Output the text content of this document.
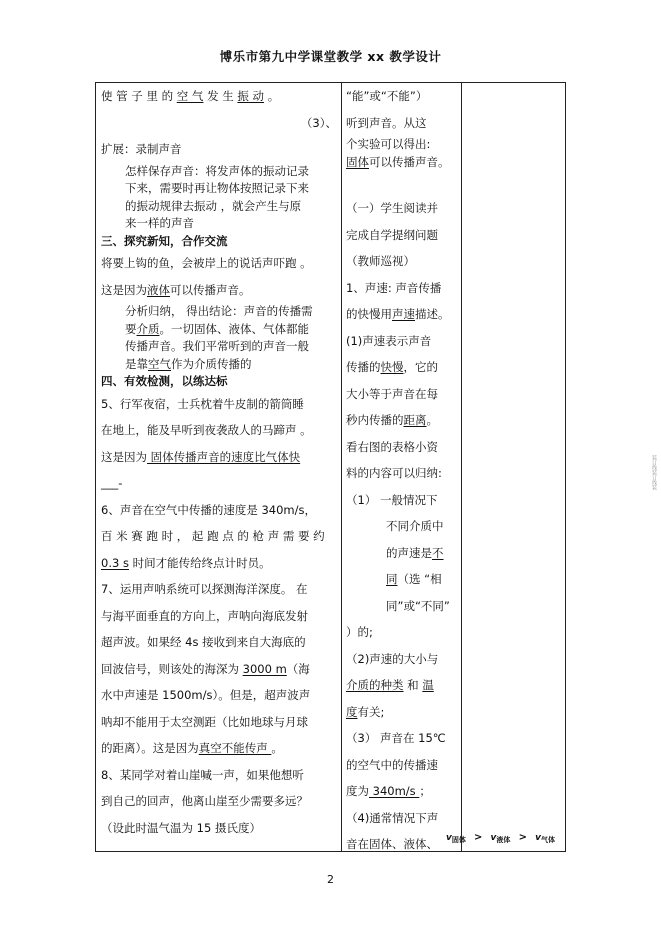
博乐市第九中学课堂教学 xx 教学设计
使 管 子 里 的 空 气 发 生 振 动 。
（3）、
扩展：录制声音
怎样保存声音：将发声体的振动记录
下来，需要时再让物体按照记录下来
的振动规律去振动 ，就会产生与原
来一样的声音
三、探究新知，合作交流
将要上钩的鱼，会被岸上的说话声吓跑 。
这是因为液体可以传播声音。
分析归纳， 得出结论：声音的传播需
要介质。一切固体、液体、气体都能
传播声音。我们平常听到的声音一般
是靠空气作为介质传播的
四、有效检测，以练达标
5、行军夜宿，士兵枕着牛皮制的箭筒睡
在地上，能及早听到夜袭敌人的马蹄声 。
这是因为 固体传播声音的速度比气体快
___-
6、声音在空气中传播的速度是 340m/s，
百 米 赛 跑 时 ， 起 跑 点 的 枪 声 需 要 约
0.3 s 时间才能传给终点计时员。
7、运用声呐系统可以探测海洋深度。 在
与海平面垂直的方向上，声呐向海底发射
超声波。如果经 4s 接收到来自大海底的
回波信号，则该处的海深为 3000 m（海
水中声速是 1500m/s）。但是，超声波声
呐却不能用于太空测距（比如地球与月球
的距离）。这是因为真空不能传声 。
8、某同学对着山崖喊一声，如果他想听
到自己的回声，他离山崖至少需要多远？
（设此时温气温为 15 摄氏度）
“能”或“不能”）
听到声音。从这
个实验可以得出:
固体可以传播声音。
（一）学生阅读并
完成自学提纲问题
（教师巡视）
1、声速: 声音传播
的快慢用声速描述。
(1)声速表示声音
传播的快慢，它的
大小等于声音在每
秒内传播的距离。
看右图的表格小资
料的内容可以归纳:
（1） 一般情况下
不同介质中
的声速是不
同（选 “相
同”或“不同”
）的;
（2)声速的大小与
介质的种类 和 温
度有关;
（3） 声音在 15℃
的空气中的传播速
度为 340m/s ；
（4)通常情况下声
音在固体、液体、 $v_{固体} > v_{液体} > v_{气体}$
装订线装订线装
2
